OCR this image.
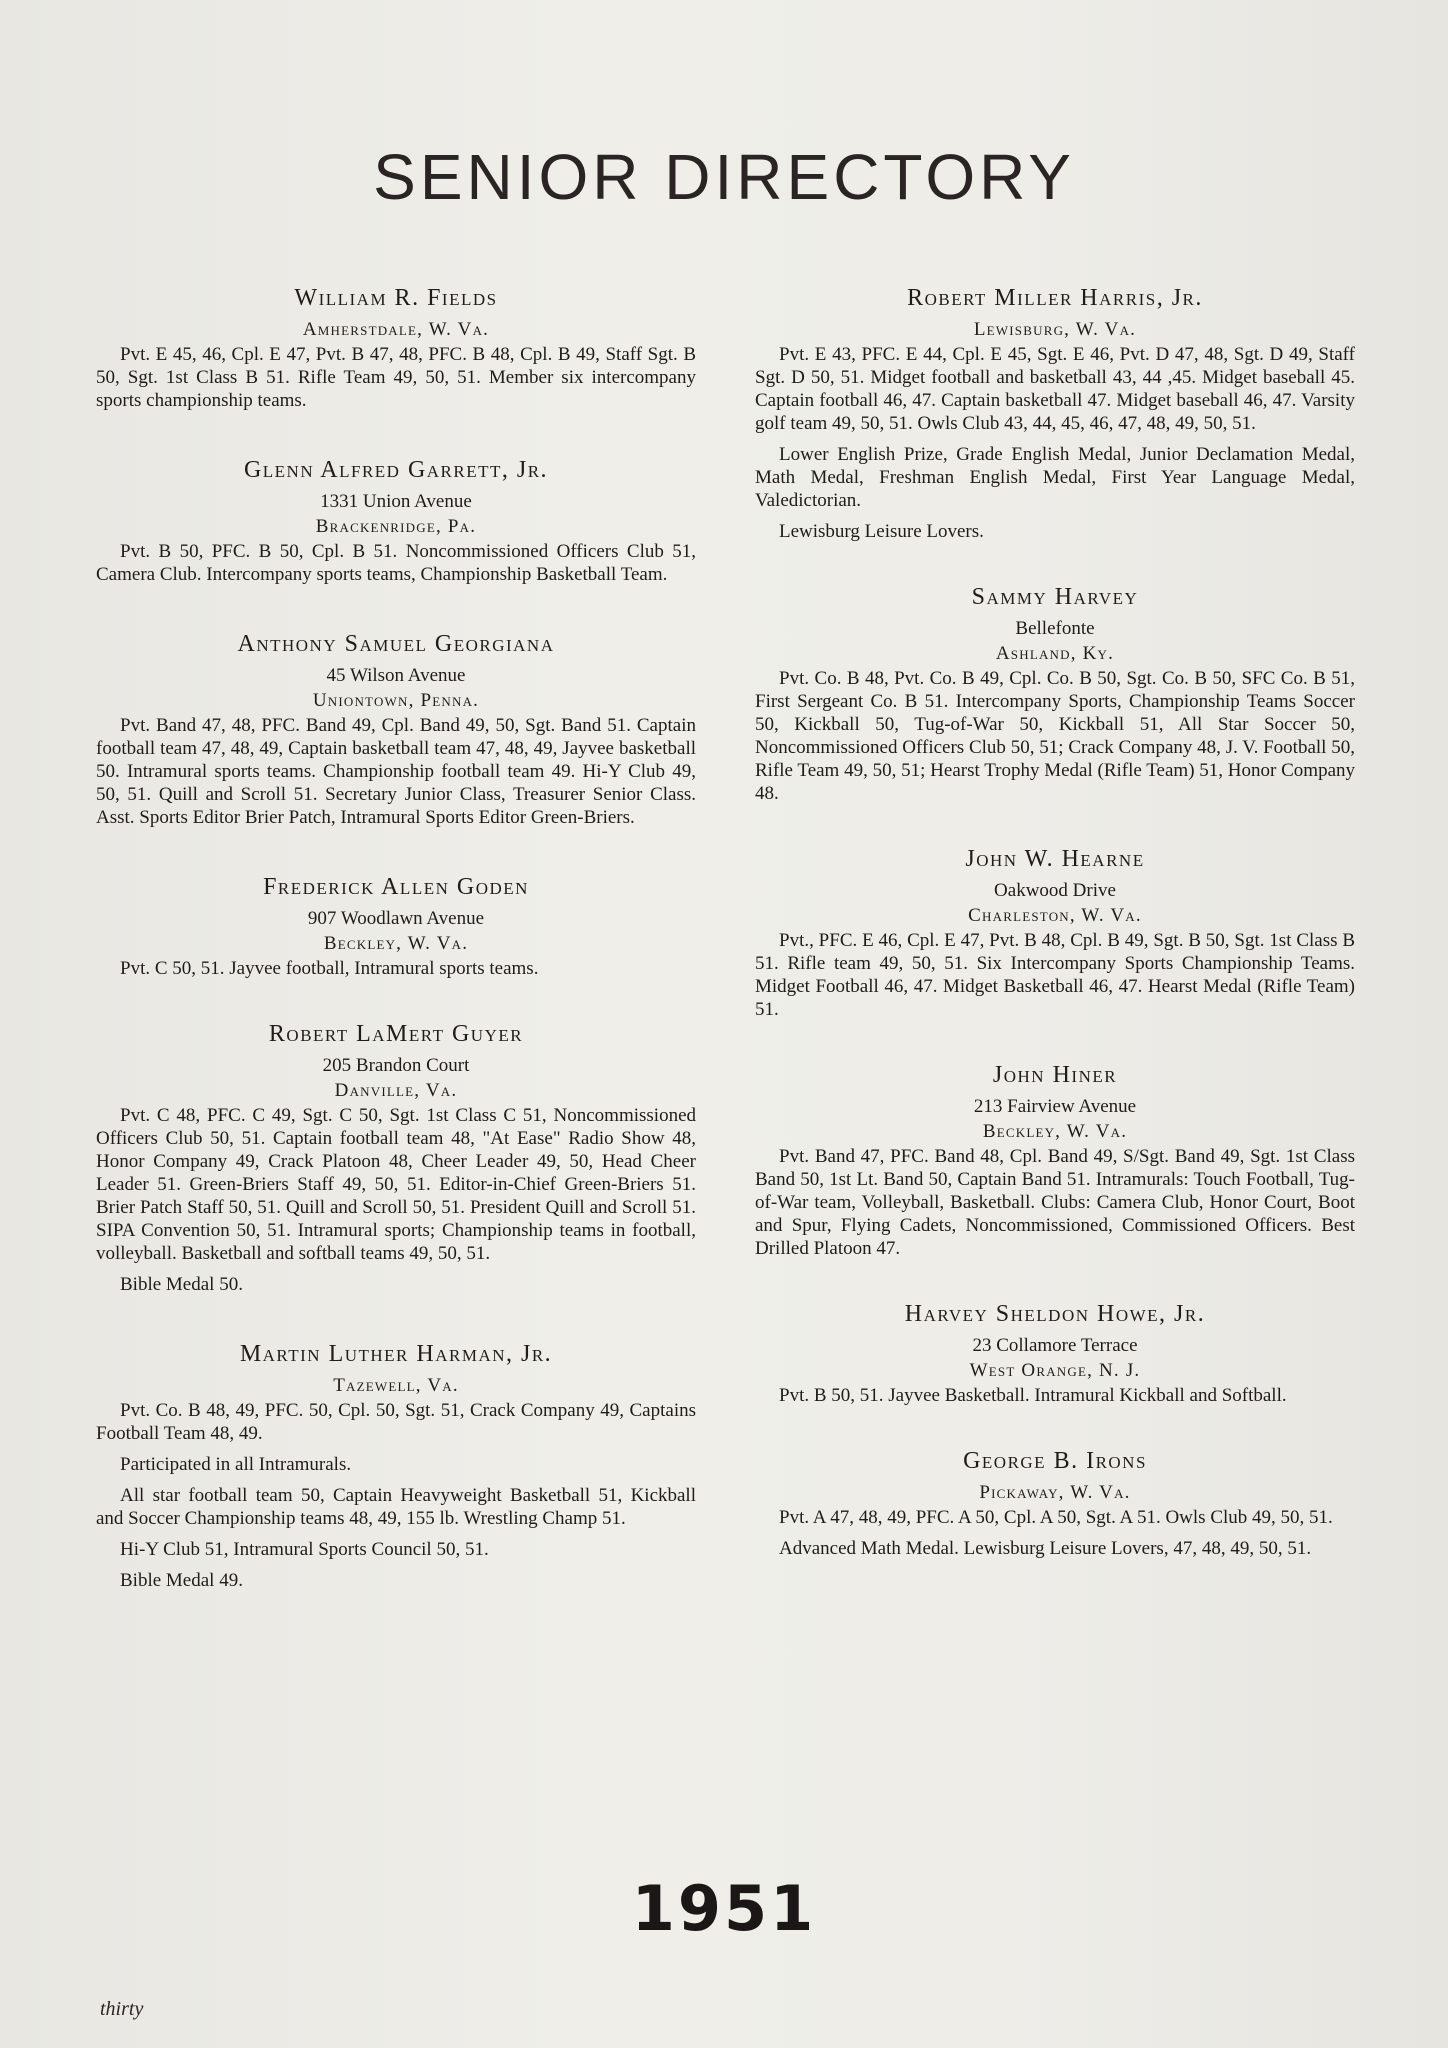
SENIOR DIRECTORY
William R. Fields
Amherstdale, W. Va.

Pvt. E 45, 46, Cpl. E 47, Pvt. B 47, 48, PFC. B 48, Cpl. B 49, Staff Sgt. B 50, Sgt. 1st Class B 51. Rifle Team 49, 50, 51. Member six intercompany sports championship teams.

Glenn Alfred Garrett, Jr.
1331 Union Avenue
Brackenridge, Pa.

Pvt. B 50, PFC. B 50, Cpl. B 51. Noncommissioned Officers Club 51, Camera Club. Intercompany sports teams, Championship Basketball Team.

Anthony Samuel Georgiana
45 Wilson Avenue
Uniontown, Penna.

Pvt. Band 47, 48, PFC. Band 49, Cpl. Band 49, 50, Sgt. Band 51. Captain football team 47, 48, 49, Captain basketball team 47, 48, 49, Jayvee basketball 50. Intramural sports teams. Championship football team 49. Hi-Y Club 49, 50, 51. Quill and Scroll 51. Secretary Junior Class, Treasurer Senior Class. Asst. Sports Editor Brier Patch, Intramural Sports Editor Green-Briers.

Frederick Allen Goden
907 Woodlawn Avenue
Beckley, W. Va.

Pvt. C 50, 51. Jayvee football, Intramural sports teams.

Robert LaMert Guyer
205 Brandon Court
Danville, Va.

Pvt. C 48, PFC. C 49, Sgt. C 50, Sgt. 1st Class C 51, Noncommissioned Officers Club 50, 51. Captain football team 48, "At Ease" Radio Show 48, Honor Company 49, Crack Platoon 48, Cheer Leader 49, 50, Head Cheer Leader 51. Green-Briers Staff 49, 50, 51. Editor-in-Chief Green-Briers 51. Brier Patch Staff 50, 51. Quill and Scroll 50, 51. President Quill and Scroll 51. SIPA Convention 50, 51. Intramural sports; Championship teams in football, volleyball. Basketball and softball teams 49, 50, 51.

Bible Medal 50.

Martin Luther Harman, Jr.
Tazewell, Va.

Pvt. Co. B 48, 49, PFC. 50, Cpl. 50, Sgt. 51, Crack Company 49, Captains Football Team 48, 49.

Participated in all Intramurals.

All star football team 50, Captain Heavyweight Basketball 51, Kickball and Soccer Championship teams 48, 49, 155 lb. Wrestling Champ 51.

Hi-Y Club 51, Intramural Sports Council 50, 51.

Bible Medal 49.

Robert Miller Harris, Jr.
Lewisburg, W. Va.

Pvt. E 43, PFC. E 44, Cpl. E 45, Sgt. E 46, Pvt. D 47, 48, Sgt. D 49, Staff Sgt. D 50, 51. Midget football and basketball 43, 44 ,45. Midget baseball 45. Captain football 46, 47. Captain basketball 47. Midget baseball 46, 47. Varsity golf team 49, 50, 51. Owls Club 43, 44, 45, 46, 47, 48, 49, 50, 51.

Lower English Prize, Grade English Medal, Junior Declamation Medal, Math Medal, Freshman English Medal, First Year Language Medal, Valedictorian.

Lewisburg Leisure Lovers.

Sammy Harvey
Bellefonte
Ashland, Ky.

Pvt. Co. B 48, Pvt. Co. B 49, Cpl. Co. B 50, Sgt. Co. B 50, SFC Co. B 51, First Sergeant Co. B 51. Intercompany Sports, Championship Teams Soccer 50, Kickball 50, Tug-of-War 50, Kickball 51, All Star Soccer 50, Noncommissioned Officers Club 50, 51; Crack Company 48, J. V. Football 50, Rifle Team 49, 50, 51; Hearst Trophy Medal (Rifle Team) 51, Honor Company 48.

John W. Hearne
Oakwood Drive
Charleston, W. Va.

Pvt., PFC. E 46, Cpl. E 47, Pvt. B 48, Cpl. B 49, Sgt. B 50, Sgt. 1st Class B 51. Rifle team 49, 50, 51. Six Intercompany Sports Championship Teams. Midget Football 46, 47. Midget Basketball 46, 47. Hearst Medal (Rifle Team) 51.

John Hiner
213 Fairview Avenue
Beckley, W. Va.

Pvt. Band 47, PFC. Band 48, Cpl. Band 49, S/Sgt. Band 49, Sgt. 1st Class Band 50, 1st Lt. Band 50, Captain Band 51. Intramurals: Touch Football, Tug-of-War team, Volleyball, Basketball. Clubs: Camera Club, Honor Court, Boot and Spur, Flying Cadets, Noncommissioned, Commissioned Officers. Best Drilled Platoon 47.

Harvey Sheldon Howe, Jr.
23 Collamore Terrace
West Orange, N. J.

Pvt. B 50, 51. Jayvee Basketball. Intramural Kickball and Softball.

George B. Irons
Pickaway, W. Va.

Pvt. A 47, 48, 49, PFC. A 50, Cpl. A 50, Sgt. A 51. Owls Club 49, 50, 51.

Advanced Math Medal. Lewisburg Leisure Lovers, 47, 48, 49, 50, 51.

1951
thirty
